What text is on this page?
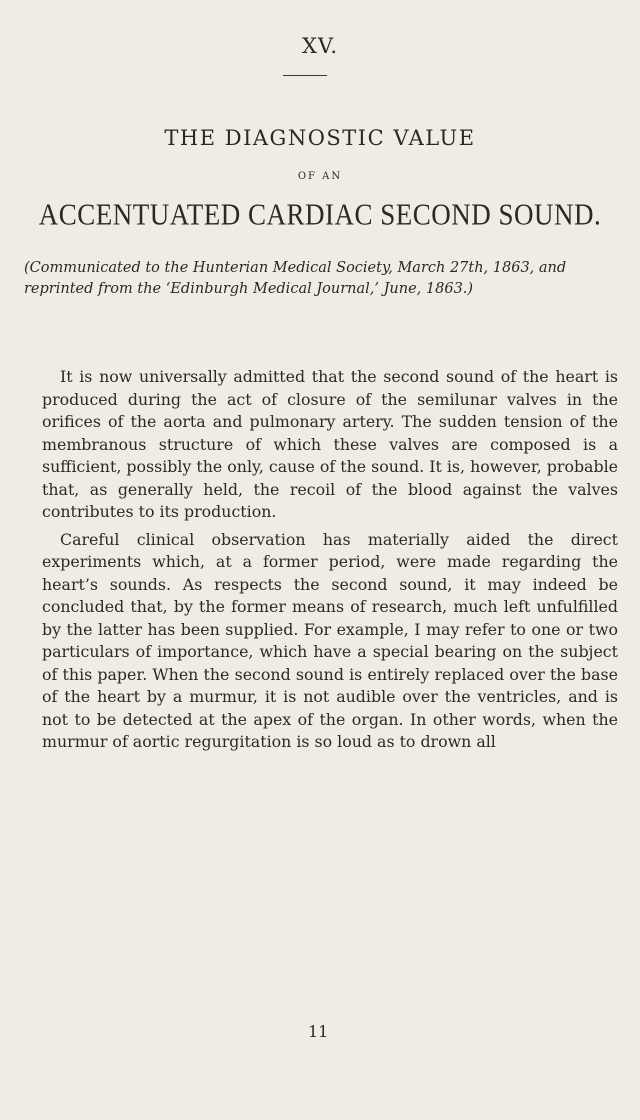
XV.
THE DIAGNOSTIC VALUE
OF AN
ACCENTUATED CARDIAC SECOND SOUND.
(Communicated to the Hunterian Medical Society, March 27th, 1863, and reprinted from the ‘Edinburgh Medical Journal,’ June, 1863.)

It is now universally admitted that the second sound of the heart is produced during the act of closure of the semilunar valves in the orifices of the aorta and pulmonary artery. The sudden tension of the membranous structure of which these valves are composed is a sufficient, possibly the only, cause of the sound. It is, however, probable that, as generally held, the recoil of the blood against the valves contributes to its production.

Careful clinical observation has materially aided the direct experiments which, at a former period, were made regarding the heart’s sounds. As respects the second sound, it may indeed be concluded that, by the former means of research, much left unfulfilled by the latter has been supplied. For example, I may refer to one or two particulars of importance, which have a special bearing on the subject of this paper. When the second sound is entirely replaced over the base of the heart by a murmur, it is not audible over the ventricles, and is not to be detected at the apex of the organ. In other words, when the murmur of aortic regurgitation is so loud as to drown all

11
